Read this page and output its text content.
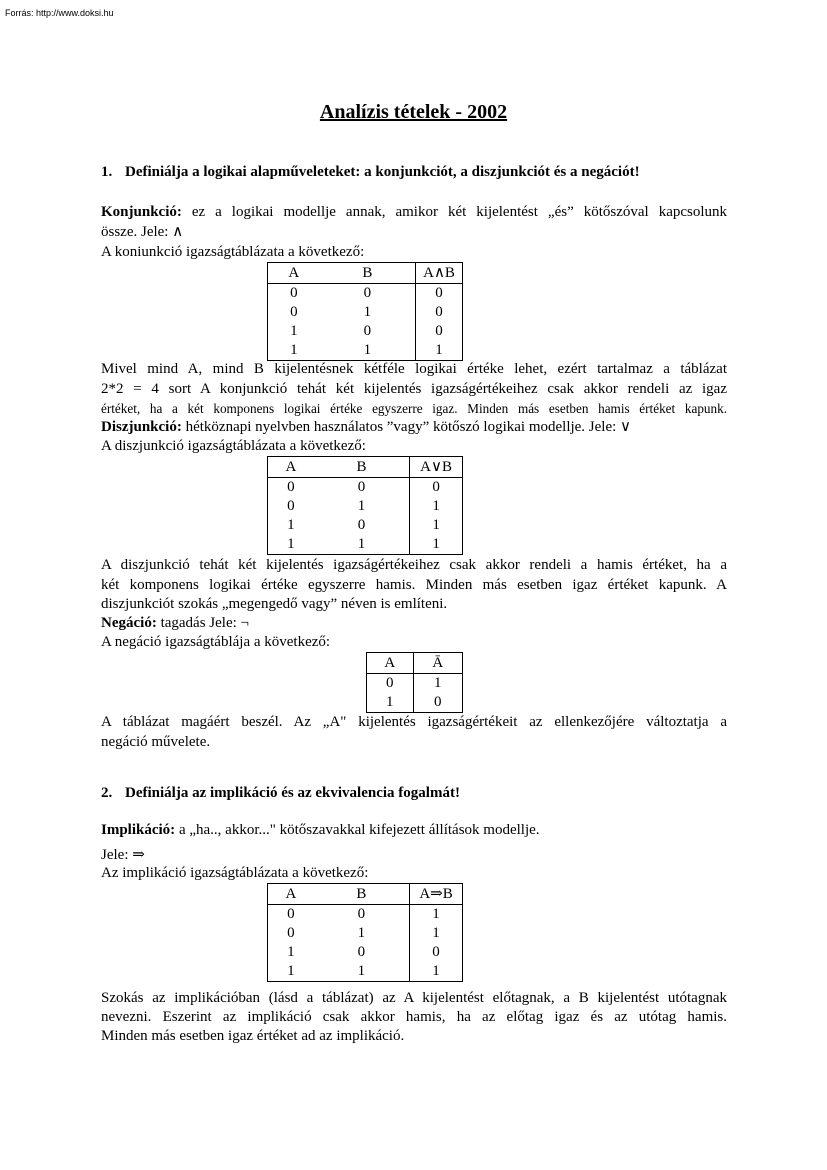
Forrás: http://www.doksi.hu
Analízis tételek - 2002
1. Definiálja a logikai alapműveleteket: a konjunkciót, a diszjunkciót és a negációt!
Konjunkció: ez a logikai modellje annak, amikor két kijelentést „és” kötőszóval kapcsolunk
össze. Jele: ∧
A koniunkció igazságtáblázata a következő:
A	B	A∧B
0	0	0
0	1	0
1	0	0
1	1	1
Mivel mind A, mind B kijelentésnek kétféle logikai értéke lehet, ezért tartalmaz a táblázat
2*2 = 4 sort A konjunkció tehát két kijelentés igazságértékeihez csak akkor rendeli az igaz
értéket, ha a két komponens logikai értéke egyszerre igaz. Minden más esetben hamis értéket kapunk.
Diszjunkció: hétköznapi nyelvben használatos ”vagy” kötőszó logikai modellje. Jele: ∨
A diszjunkció igazságtáblázata a következő:
A	B	A∨B
0	0	0
0	1	1
1	0	1
1	1	1
A diszjunkció tehát két kijelentés igazságértékeihez csak akkor rendeli a hamis értéket, ha a
két komponens logikai értéke egyszerre hamis. Minden más esetben igaz értéket kapunk. A
diszjunkciót szokás „megengedő vagy” néven is említeni.
Negáció: tagadás Jele: ¬
A negáció igazságtáblája a következő:
A	Ā
0	1
1	0
A táblázat magáért beszél. Az „A" kijelentés igazságértékeit az ellenkezőjére változtatja a
negáció művelete.
2. Definiálja az implikáció és az ekvivalencia fogalmát!
Implikáció: a „ha.., akkor..." kötőszavakkal kifejezett állítások modellje.
Jele: ⇒
Az implikáció igazságtáblázata a következő:
A	B	A⇒B
0	0	1
0	1	1
1	0	0
1	1	1
Szokás az implikációban (lásd a táblázat) az A kijelentést előtagnak, a B kijelentést utótagnak
nevezni. Eszerint az implikáció csak akkor hamis, ha az előtag igaz és az utótag hamis.
Minden más esetben igaz értéket ad az implikáció.
